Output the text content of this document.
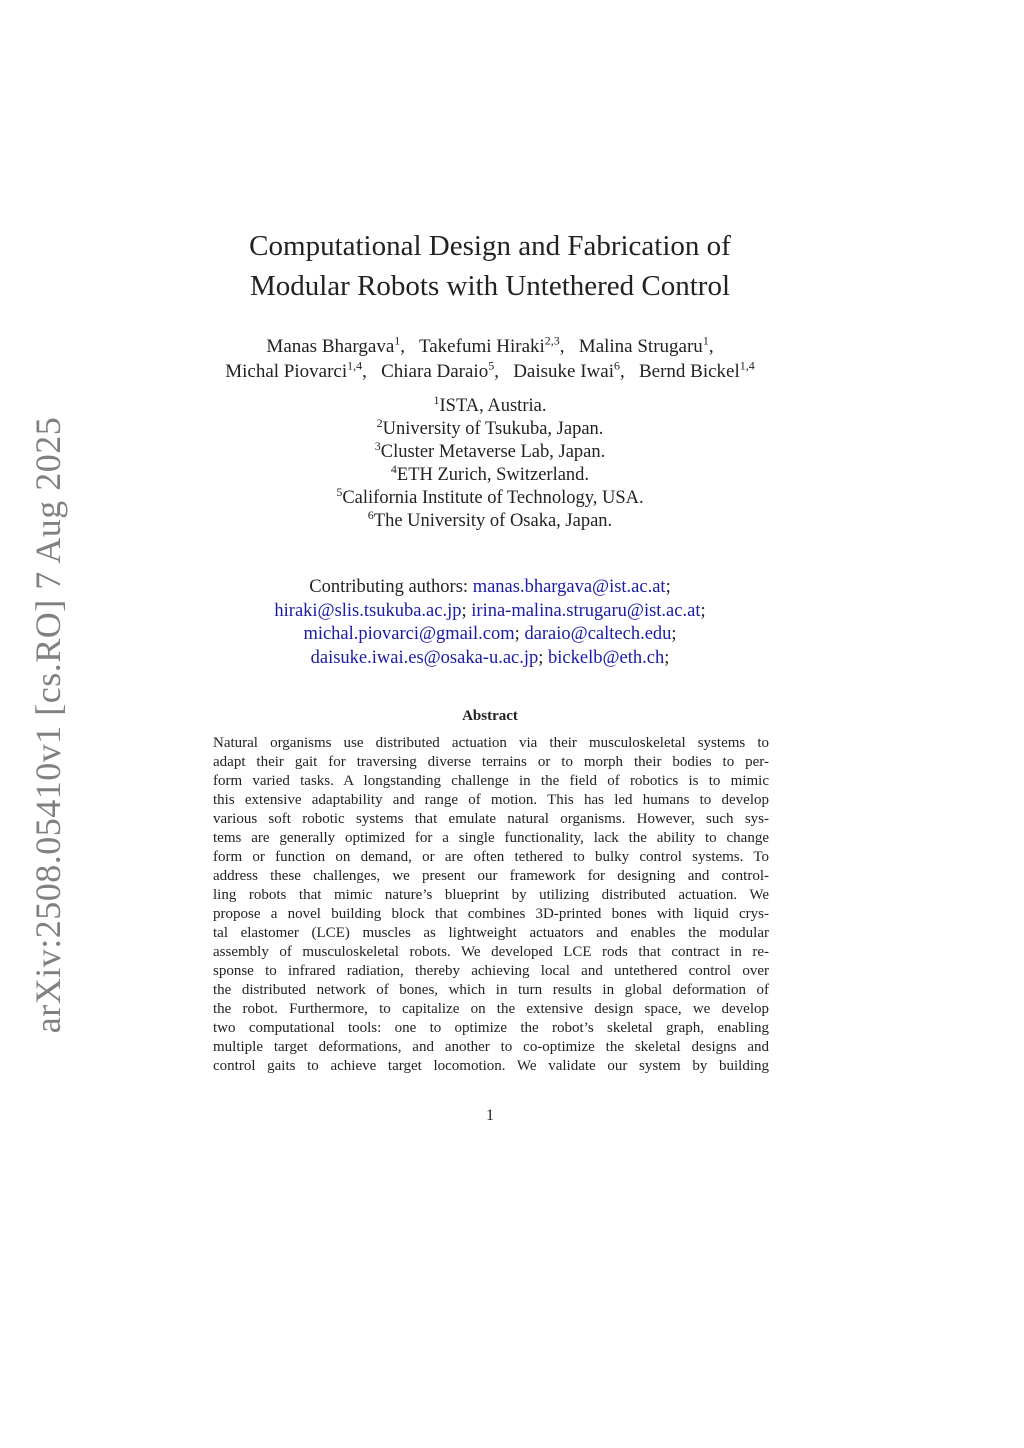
arXiv:2508.05410v1 [cs.RO] 7 Aug 2025
Computational Design and Fabrication of
Modular Robots with Untethered Control
Manas Bhargava$^1$,   Takefumi Hiraki$^{2,3}$,   Malina Strugaru$^1$,
Michal Piovarci$^{1,4}$,   Chiara Daraio$^5$,   Daisuke Iwai$^6$,   Bernd Bickel$^{1,4}$
$^1$ISTA, Austria.
$^2$University of Tsukuba, Japan.
$^3$Cluster Metaverse Lab, Japan.
$^4$ETH Zurich, Switzerland.
$^5$California Institute of Technology, USA.
$^6$The University of Osaka, Japan.
Contributing authors: manas.bhargava@ist.ac.at;
hiraki@slis.tsukuba.ac.jp; irina-malina.strugaru@ist.ac.at;
michal.piovarci@gmail.com; daraio@caltech.edu;
daisuke.iwai.es@osaka-u.ac.jp; bickelb@eth.ch;
Abstract
Natural organisms use distributed actuation via their musculoskeletal systems to
adapt their gait for traversing diverse terrains or to morph their bodies to per-
form varied tasks. A longstanding challenge in the field of robotics is to mimic
this extensive adaptability and range of motion. This has led humans to develop
various soft robotic systems that emulate natural organisms. However, such sys-
tems are generally optimized for a single functionality, lack the ability to change
form or function on demand, or are often tethered to bulky control systems. To
address these challenges, we present our framework for designing and control-
ling robots that mimic nature’s blueprint by utilizing distributed actuation. We
propose a novel building block that combines 3D-printed bones with liquid crys-
tal elastomer (LCE) muscles as lightweight actuators and enables the modular
assembly of musculoskeletal robots. We developed LCE rods that contract in re-
sponse to infrared radiation, thereby achieving local and untethered control over
the distributed network of bones, which in turn results in global deformation of
the robot. Furthermore, to capitalize on the extensive design space, we develop
two computational tools: one to optimize the robot’s skeletal graph, enabling
multiple target deformations, and another to co-optimize the skeletal designs and
control gaits to achieve target locomotion. We validate our system by building
1
